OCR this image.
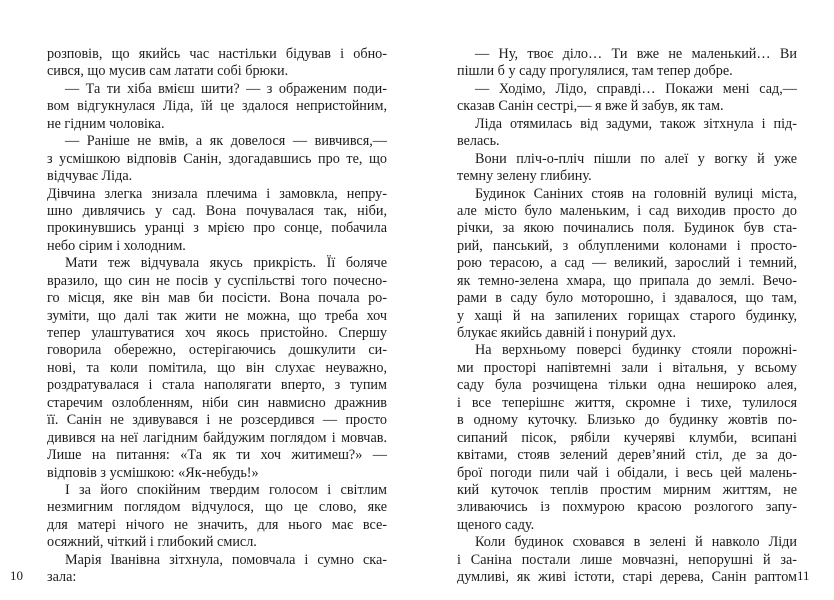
розповів, що якийсь час настільки бідував і обно-
сився, що мусив сам латати собі брюки.
— Та ти хіба вмієш шити? — з ображеним поди-
вом відгукнулася Ліда, їй це здалося непристойним,
не гідним чоловіка.
— Раніше не вмів, а як довелося — вивчився,—
з усмішкою відповів Санін, здогадавшись про те, що
відчуває Ліда.
Дівчина злегка знизала плечима і замовкла, непру-
шно дивлячись у сад. Вона почувалася так, ніби,
прокинувшись уранці з мрією про сонце, побачила
небо сірим і холодним.
Мати теж відчувала якусь прикрість. Її боляче
вразило, що син не посів у суспільстві того почесно-
го місця, яке він мав би посісти. Вона почала ро-
зуміти, що далі так жити не можна, що треба хоч
тепер улаштуватися хоч якось пристойно. Спершу
говорила обережно, остерігаючись дошкулити си-
нові, та коли помітила, що він слухає неуважно,
роздратувалася і стала наполягати вперто, з тупим
старечим озлобленням, ніби син навмисно дражнив
її. Санін не здивувався і не розсердився — просто
дивився на неї лагідним байдужим поглядом і мовчав.
Лише на питання: «Та як ти хоч житимеш?» —
відповів з усмішкою: «Як-небудь!»
І за його спокійним твердим голосом і світлим
незмигним поглядом відчулося, що це слово, яке
для матері нічого не значить, для нього має все-
осяжний, чіткий і глибокий смисл.
Марія Іванівна зітхнула, помовчала і сумно ска-
зала:
— Ну, твоє діло… Ти вже не маленький… Ви
пішли б у саду прогулялися, там тепер добре.
— Ходімо, Лідо, справді… Покажи мені сад,—
сказав Санін сестрі,— я вже й забув, як там.
Ліда отямилась від задуми, також зітхнула і під-
велась.
Вони пліч-о-пліч пішли по алеї у вогку й уже
темну зелену глибину.
Будинок Саніних стояв на головній вулиці міста,
але місто було маленьким, і сад виходив просто до
річки, за якою починались поля. Будинок був ста-
рий, панський, з облупленими колонами і просто-
рою терасою, а сад — великий, зарослий і темний,
як темно-зелена хмара, що припала до землі. Вечо-
рами в саду було моторошно, і здавалося, що там,
у хащі й на запилених горищах старого будинку,
блукає якийсь давній і понурий дух.
На верхньому поверсі будинку стояли порожні-
ми просторі напівтемні зали і вітальня, у всьому
саду була розчищена тільки одна нешироко алея,
і все теперішнє життя, скромне і тихе, тулилося
в одному куточку. Близько до будинку жовтів по-
сипаний пісок, рябіли кучеряві клумби, всипані
квітами, стояв зелений дерев’яний стіл, де за до-
брої погоди пили чай і обідали, і весь цей малень-
кий куточок теплів простим мирним життям, не
зливаючись із похмурою красою розлогого запу-
щеного саду.
Коли будинок сховався в зелені й навколо Ліди
і Саніна постали лише мовчазні, непорушні й за-
думливі, як живі істоти, старі дерева, Санін раптом
10	11
